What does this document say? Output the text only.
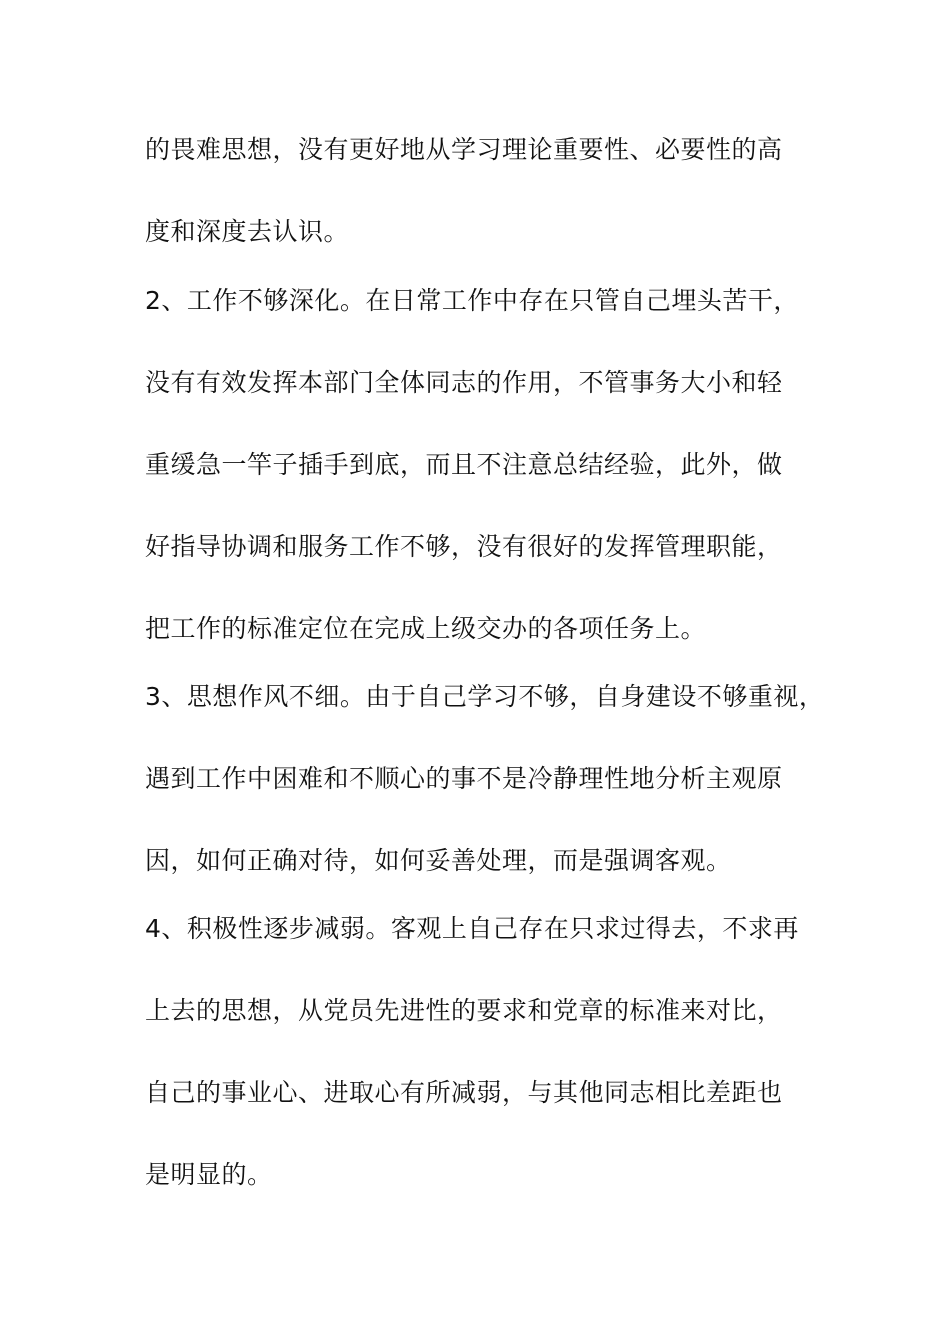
的畏难思想，没有更好地从学习理论重要性、必要性的高
度和深度去认识。
2、工作不够深化。在日常工作中存在只管自己埋头苦干，
没有有效发挥本部门全体同志的作用，不管事务大小和轻
重缓急一竿子插手到底，而且不注意总结经验，此外，做
好指导协调和服务工作不够，没有很好的发挥管理职能，
把工作的标准定位在完成上级交办的各项任务上。
3、思想作风不细。由于自己学习不够，自身建设不够重视，
遇到工作中困难和不顺心的事不是冷静理性地分析主观原
因，如何正确对待，如何妥善处理，而是强调客观。
4、积极性逐步减弱。客观上自己存在只求过得去，不求再
上去的思想，从党员先进性的要求和党章的标准来对比，
自己的事业心、进取心有所减弱，与其他同志相比差距也
是明显的。
